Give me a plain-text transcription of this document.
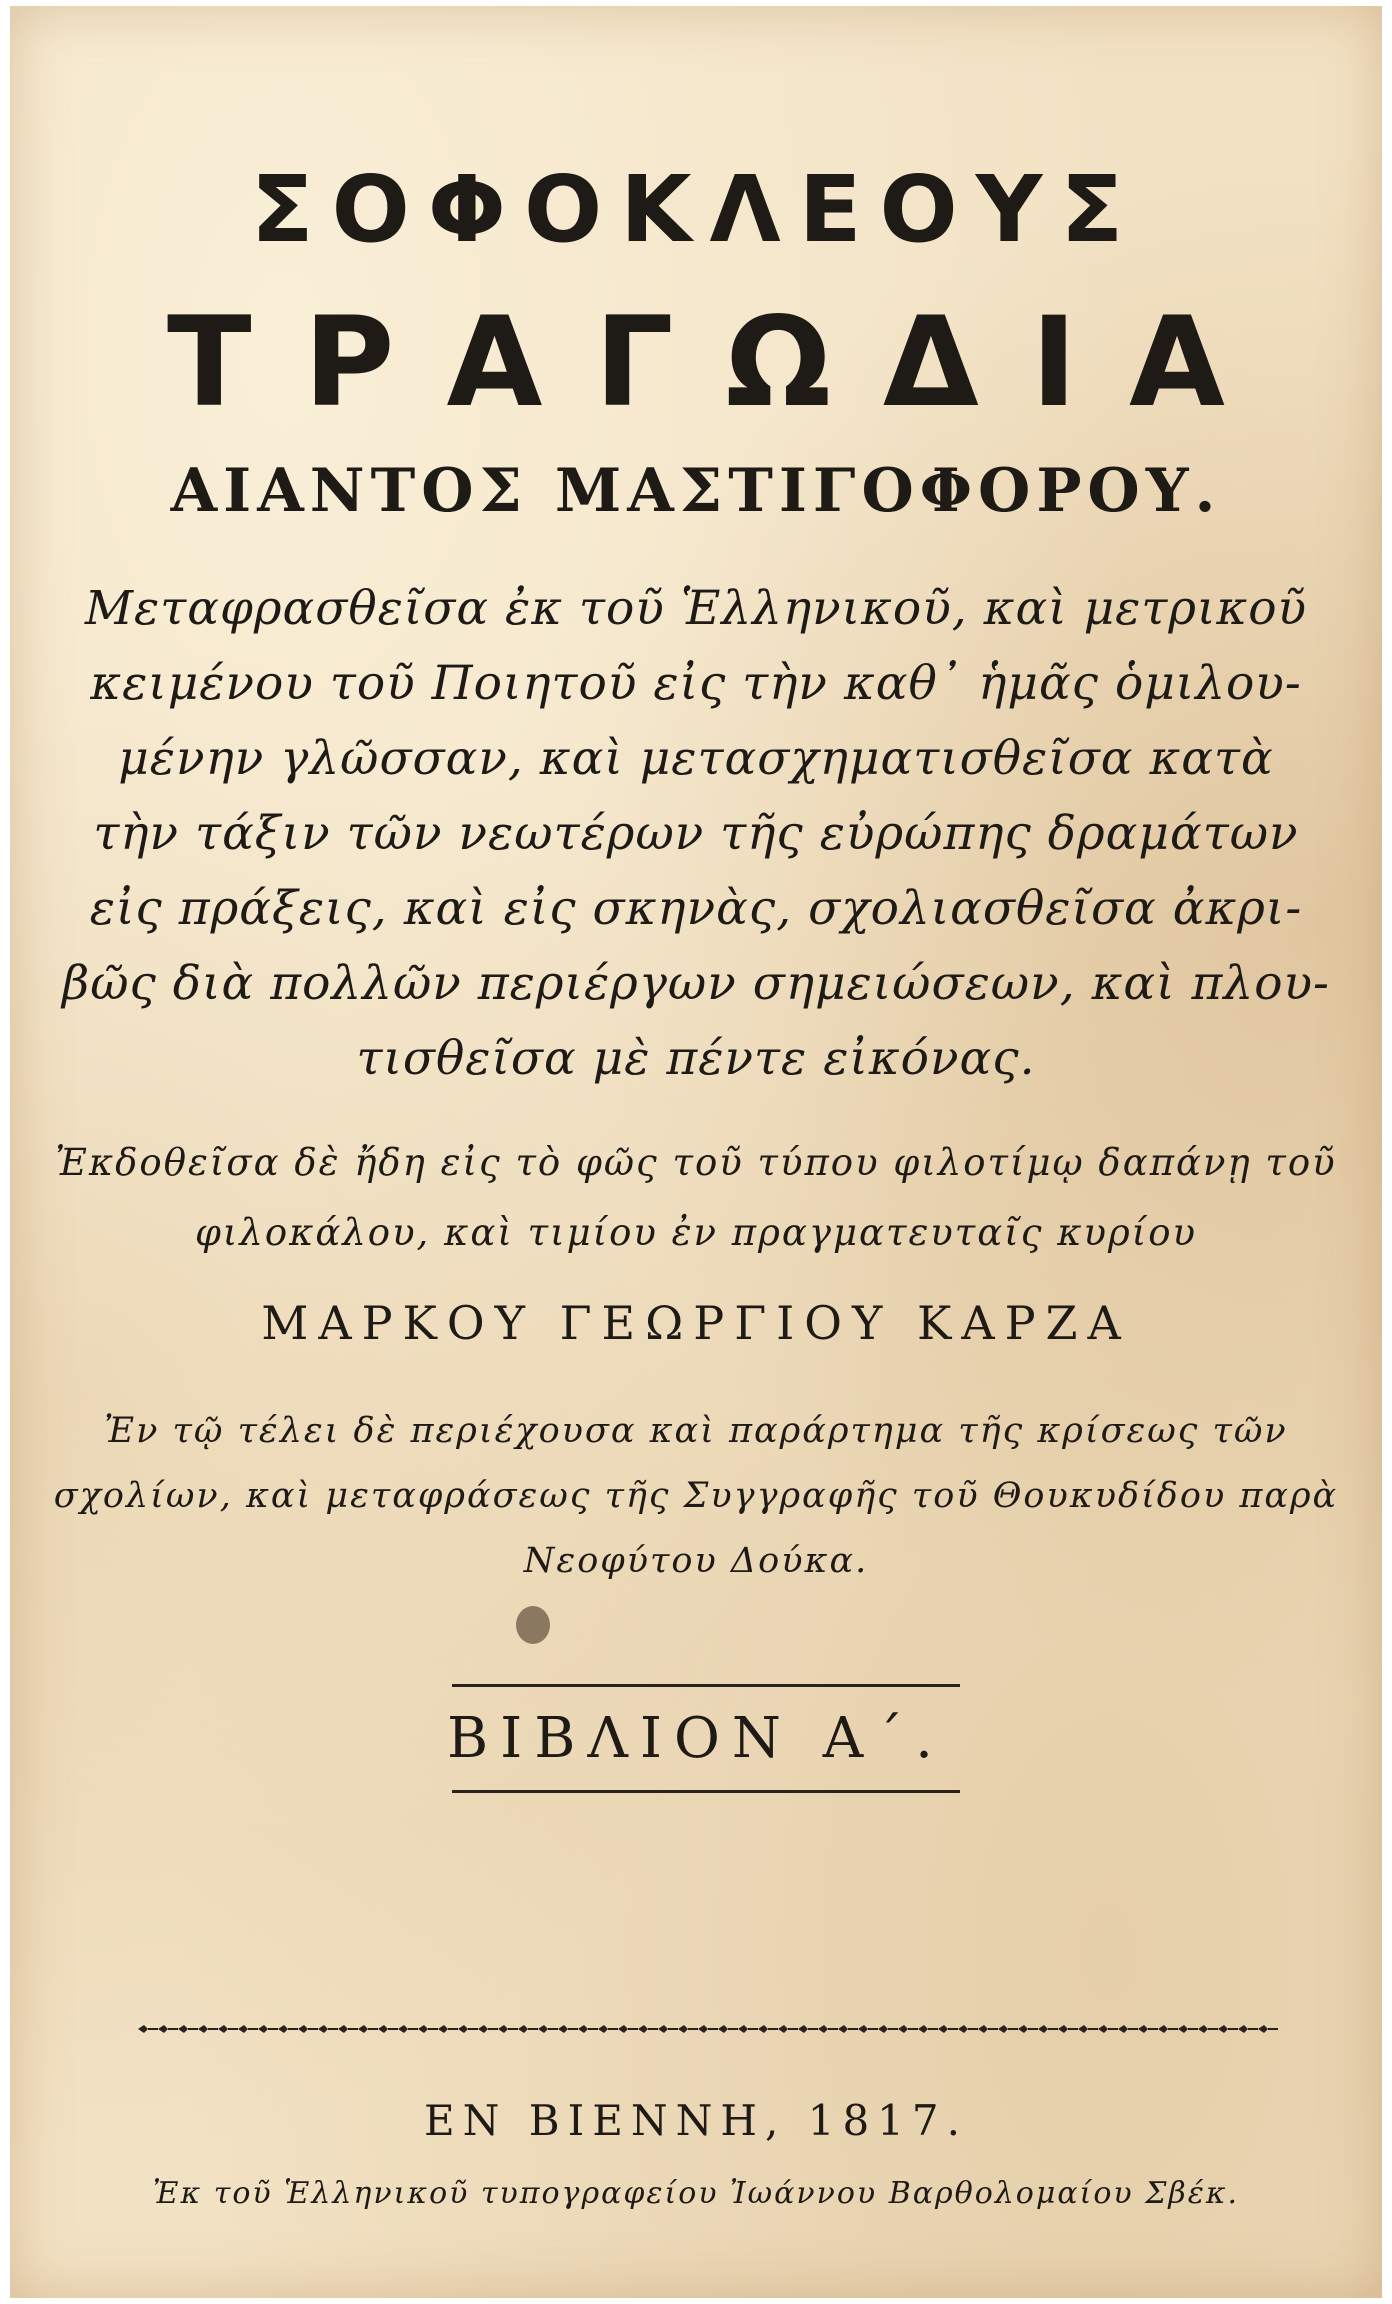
ΣΟΦΟΚΛΕΟΥΣ
ΤΡΑΓΩΔΙΑ
ΑΙΑΝΤΟΣ ΜΑΣΤΙΓΟΦΟΡΟΥ.
Μεταφρασθεῖσα ἐκ τοῦ Ἑλληνικοῦ, καὶ μετρικοῦ
κειμένου τοῦ Ποιητοῦ εἰς τὴν καθ᾽ ἡμᾶς ὁμιλου-
μένην γλῶσσαν, καὶ μετασχηματισθεῖσα κατὰ
τὴν τάξιν τῶν νεωτέρων τῆς εὐρώπης δραμάτων
εἰς πράξεις, καὶ εἰς σκηνὰς, σχολιασθεῖσα ἀκρι-
βῶς διὰ πολλῶν περιέργων σημειώσεων, καὶ πλου-
τισθεῖσα μὲ πέντε εἰκόνας.
Ἐκδοθεῖσα δὲ ἤδη εἰς τὸ φῶς τοῦ τύπου φιλοτίμῳ δαπάνῃ τοῦ
φιλοκάλου, καὶ τιμίου ἐν πραγματευταῖς κυρίου
ΜΑΡΚΟΥ ΓΕΩΡΓΙΟΥ ΚΑΡΖΑ
Ἐν τῷ τέλει δὲ περιέχουσα καὶ παράρτημα τῆς κρίσεως τῶν
σχολίων, καὶ μεταφράσεως τῆς Συγγραφῆς τοῦ Θουκυδίδου παρὰ
Νεοφύτου Δούκα.
ΒΙΒΛΙΟΝ Α΄.
ΕΝ ΒΙΕΝΝΗ, 1817.
Ἐκ τοῦ Ἑλληνικοῦ τυπογραφείου Ἰωάννου Βαρθολομαίου Σβέκ.
